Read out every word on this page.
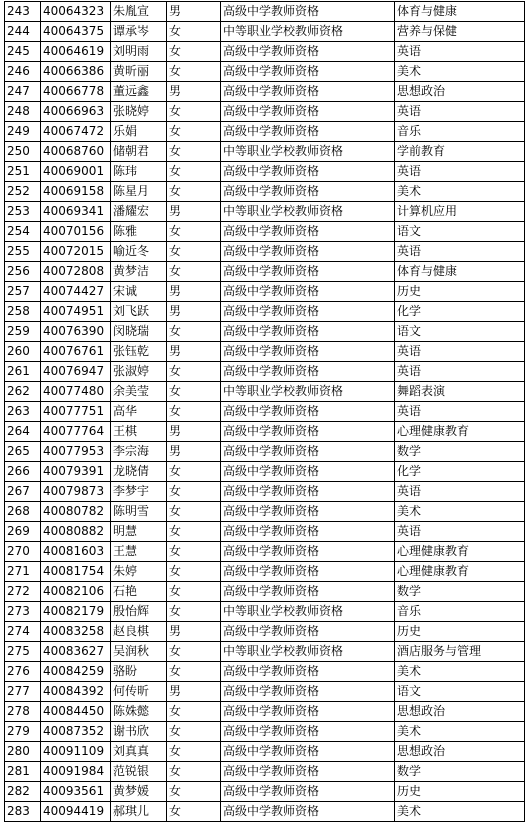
243	40064323	朱胤宣	男	高级中学教师资格	体育与健康
244	40064375	谭承岑	女	中等职业学校教师资格	营养与保健
245	40064619	刘明雨	女	高级中学教师资格	英语
246	40066386	黄昕丽	女	高级中学教师资格	美术
247	40066778	董远鑫	男	高级中学教师资格	思想政治
248	40066963	张晓婷	女	高级中学教师资格	英语
249	40067472	乐娟	女	高级中学教师资格	音乐
250	40068760	储朝君	女	中等职业学校教师资格	学前教育
251	40069001	陈玮	女	高级中学教师资格	英语
252	40069158	陈星月	女	高级中学教师资格	美术
253	40069341	潘耀宏	男	中等职业学校教师资格	计算机应用
254	40070156	陈雅	女	高级中学教师资格	语文
255	40072015	喻近冬	女	高级中学教师资格	英语
256	40072808	黄梦洁	女	高级中学教师资格	体育与健康
257	40074427	宋诚	男	高级中学教师资格	历史
258	40074951	刘飞跃	男	高级中学教师资格	化学
259	40076390	闵晓瑞	女	高级中学教师资格	语文
260	40076761	张钰乾	男	高级中学教师资格	英语
261	40076947	张淑婷	女	高级中学教师资格	英语
262	40077480	余美莹	女	中等职业学校教师资格	舞蹈表演
263	40077751	高华	女	高级中学教师资格	英语
264	40077764	王棋	男	高级中学教师资格	心理健康教育
265	40077953	李宗海	男	高级中学教师资格	数学
266	40079391	龙晓倩	女	高级中学教师资格	化学
267	40079873	李梦宇	女	高级中学教师资格	英语
268	40080782	陈明雪	女	高级中学教师资格	美术
269	40080882	明慧	女	高级中学教师资格	英语
270	40081603	王慧	女	高级中学教师资格	心理健康教育
271	40081754	朱婷	女	高级中学教师资格	心理健康教育
272	40082106	石艳	女	高级中学教师资格	数学
273	40082179	殷怡辉	女	中等职业学校教师资格	音乐
274	40083258	赵良棋	男	高级中学教师资格	历史
275	40083627	吴润秋	女	中等职业学校教师资格	酒店服务与管理
276	40084259	骆盼	女	高级中学教师资格	美术
277	40084392	何传昕	男	高级中学教师资格	语文
278	40084450	陈姝懿	女	高级中学教师资格	思想政治
279	40087352	谢书欣	女	高级中学教师资格	美术
280	40091109	刘真真	女	高级中学教师资格	思想政治
281	40091984	范锐银	女	高级中学教师资格	数学
282	40093561	黄梦媛	女	高级中学教师资格	历史
283	40094419	郝琪儿	女	高级中学教师资格	美术
